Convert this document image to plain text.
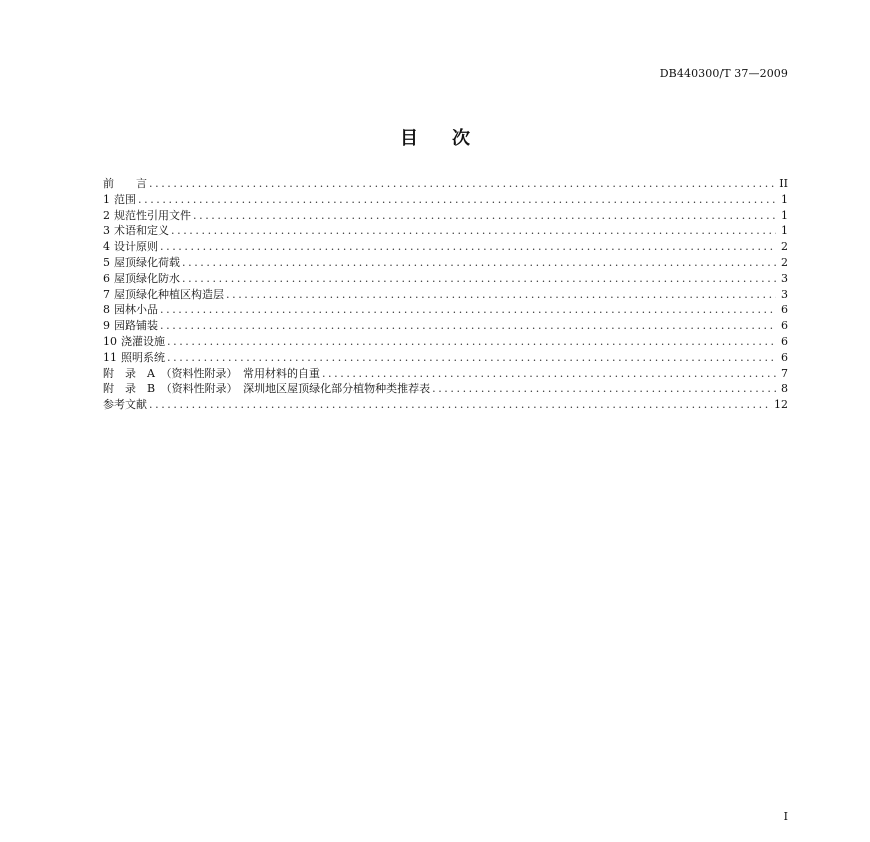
DB440300/T 37—2009
目 次
前　　言 .....	II
1 范围 .....	1
2 规范性引用文件 .....	1
3 术语和定义 .....	1
4 设计原则 .....	2
5 屋顶绿化荷载 .....	2
6 屋顶绿化防水 .....	3
7 屋顶绿化种植区构造层 .....	3
8 园林小品 .....	6
9 园路铺装 .....	6
10 浇灌设施 .....	6
11 照明系统 .....	6
附　录　A　（资料性附录）　常用材料的自重 .....	7
附　录　B　（资料性附录）　深圳地区屋顶绿化部分植物种类推荐表 .....	8
参考文献 .....	12
I
